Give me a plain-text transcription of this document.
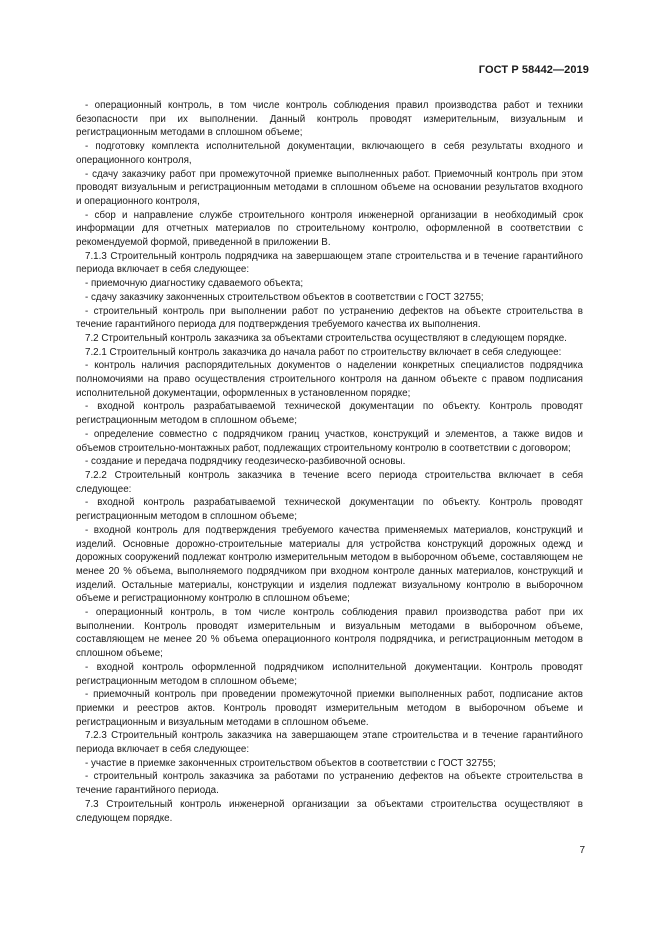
ГОСТ Р 58442—2019

- операционный контроль, в том числе контроль соблюдения правил производства работ и техники безопасности при их выполнении. Данный контроль проводят измерительным, визуальным и регистрационным методами в сплошном объеме;

- подготовку комплекта исполнительной документации, включающего в себя результаты входного и операционного контроля,

- сдачу заказчику работ при промежуточной приемке выполненных работ. Приемочный контроль при этом проводят визуальным и регистрационным методами в сплошном объеме на основании результатов входного и операционного контроля,

- сбор и направление службе строительного контроля инженерной организации в необходимый срок информации для отчетных материалов по строительному контролю, оформленной в соответствии с рекомендуемой формой, приведенной в приложении В.

7.1.3 Строительный контроль подрядчика на завершающем этапе строительства и в течение гарантийного периода включает в себя следующее:

- приемочную диагностику сдаваемого объекта;

- сдачу заказчику законченных строительством объектов в соответствии с ГОСТ 32755;

- строительный контроль при выполнении работ по устранению дефектов на объекте строительства в течение гарантийного периода для подтверждения требуемого качества их выполнения.

7.2 Строительный контроль заказчика за объектами строительства осуществляют в следующем порядке.

7.2.1 Строительный контроль заказчика до начала работ по строительству включает в себя следующее:

- контроль наличия распорядительных документов о наделении конкретных специалистов подрядчика полномочиями на право осуществления строительного контроля на данном объекте с правом подписания исполнительной документации, оформленных в установленном порядке;

- входной контроль разрабатываемой технической документации по объекту. Контроль проводят регистрационным методом в сплошном объеме;

- определение совместно с подрядчиком границ участков, конструкций и элементов, а также видов и объемов строительно-монтажных работ, подлежащих строительному контролю в соответствии с договором;

- создание и передача подрядчику геодезическо-разбивочной основы.

7.2.2 Строительный контроль заказчика в течение всего периода строительства включает в себя следующее:

- входной контроль разрабатываемой технической документации по объекту. Контроль проводят регистрационным методом в сплошном объеме;

- входной контроль для подтверждения требуемого качества применяемых материалов, конструкций и изделий. Основные дорожно-строительные материалы для устройства конструкций дорожных одежд и дорожных сооружений подлежат контролю измерительным методом в выборочном объеме, составляющем не менее 20 % объема, выполняемого подрядчиком при входном контроле данных материалов, конструкций и изделий. Остальные материалы, конструкции и изделия подлежат визуальному контролю в выборочном объеме и регистрационному контролю в сплошном объеме;

- операционный контроль, в том числе контроль соблюдения правил производства работ при их выполнении. Контроль проводят измерительным и визуальным методами в выборочном объеме, составляющем не менее 20 % объема операционного контроля подрядчика, и регистрационным методом в сплошном объеме;

- входной контроль оформленной подрядчиком исполнительной документации. Контроль проводят регистрационным методом в сплошном объеме;

- приемочный контроль при проведении промежуточной приемки выполненных работ, подписание актов приемки и реестров актов. Контроль проводят измерительным методом в выборочном объеме и регистрационным и визуальным методами в сплошном объеме.

7.2.3 Строительный контроль заказчика на завершающем этапе строительства и в течение гарантийного периода включает в себя следующее:

- участие в приемке законченных строительством объектов в соответствии с ГОСТ 32755;

- строительный контроль заказчика за работами по устранению дефектов на объекте строительства в течение гарантийного периода.

7.3 Строительный контроль инженерной организации за объектами строительства осуществляют в следующем порядке.

7
